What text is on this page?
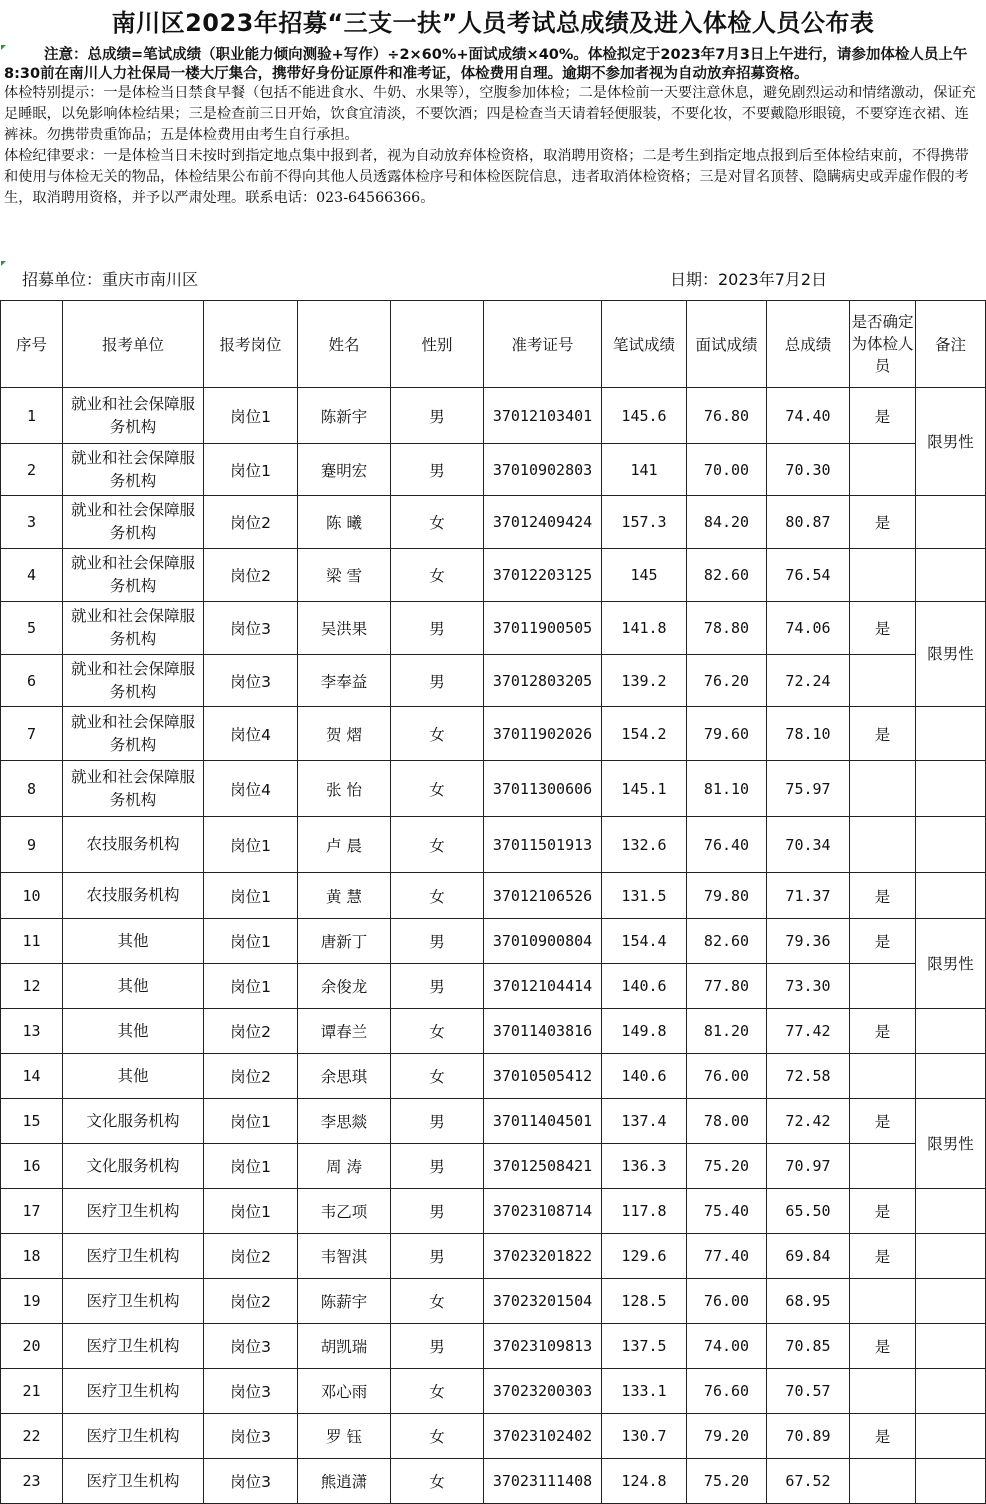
南川区2023年招募“三支一扶”人员考试总成绩及进入体检人员公布表

注意：总成绩=笔试成绩（职业能力倾向测验+写作）÷2×60%+面试成绩×40%。体检拟定于2023年7月3日上午进行，请参加体检人员上午8:30前在南川人力社保局一楼大厅集合，携带好身份证原件和准考证，体检费用自理。逾期不参加者视为自动放弃招募资格。

体检特别提示：一是体检当日禁食早餐（包括不能进食水、牛奶、水果等），空腹参加体检；二是体检前一天要注意休息，避免剧烈运动和情绪激动，保证充足睡眠，以免影响体检结果；三是检查前三日开始，饮食宜清淡，不要饮酒；四是检查当天请着轻便服装，不要化妆，不要戴隐形眼镜，不要穿连衣裙、连裤袜。勿携带贵重饰品；五是体检费用由考生自行承担。

体检纪律要求：一是体检当日未按时到指定地点集中报到者，视为自动放弃体检资格，取消聘用资格；二是考生到指定地点报到后至体检结束前，不得携带和使用与体检无关的物品，体检结果公布前不得向其他人员透露体检序号和体检医院信息，违者取消体检资格；三是对冒名顶替、隐瞒病史或弄虚作假的考生，取消聘用资格，并予以严肃处理。联系电话：023-64566366。

招募单位：重庆市南川区	日期：2023年7月2日
序号	报考单位	报考岗位	姓名	性别	准考证号	笔试成绩	面试成绩	总成绩	是否确定为体检人员	备注
1	就业和社会保障服务机构	岗位1	陈新宇	男	37012103401	145.6	76.80	74.40	是	限男性
2	就业和社会保障服务机构	岗位1	蹇明宏	男	37010902803	141	70.00	70.30		
3	就业和社会保障服务机构	岗位2	陈 曦	女	37012409424	157.3	84.20	80.87	是	
4	就业和社会保障服务机构	岗位2	梁 雪	女	37012203125	145	82.60	76.54		
5	就业和社会保障服务机构	岗位3	吴洪果	男	37011900505	141.8	78.80	74.06	是	限男性
6	就业和社会保障服务机构	岗位3	李奉益	男	37012803205	139.2	76.20	72.24		
7	就业和社会保障服务机构	岗位4	贺 熠	女	37011902026	154.2	79.60	78.10	是	
8	就业和社会保障服务机构	岗位4	张 怡	女	37011300606	145.1	81.10	75.97		
9	农技服务机构	岗位1	卢 晨	女	37011501913	132.6	76.40	70.34		
10	农技服务机构	岗位1	黄 慧	女	37012106526	131.5	79.80	71.37	是	
11	其他	岗位1	唐新丁	男	37010900804	154.4	82.60	79.36	是	限男性
12	其他	岗位1	余俊龙	男	37012104414	140.6	77.80	73.30		
13	其他	岗位2	谭春兰	女	37011403816	149.8	81.20	77.42	是	
14	其他	岗位2	余思琪	女	37010505412	140.6	76.00	72.58		
15	文化服务机构	岗位1	李思燚	男	37011404501	137.4	78.00	72.42	是	限男性
16	文化服务机构	岗位1	周 涛	男	37012508421	136.3	75.20	70.97		
17	医疗卫生机构	岗位1	韦乙项	男	37023108714	117.8	75.40	65.50	是	
18	医疗卫生机构	岗位2	韦智淇	男	37023201822	129.6	77.40	69.84	是	
19	医疗卫生机构	岗位2	陈薪宇	女	37023201504	128.5	76.00	68.95		
20	医疗卫生机构	岗位3	胡凯瑞	男	37023109813	137.5	74.00	70.85	是	
21	医疗卫生机构	岗位3	邓心雨	女	37023200303	133.1	76.60	70.57		
22	医疗卫生机构	岗位3	罗 钰	女	37023102402	130.7	79.20	70.89	是	
23	医疗卫生机构	岗位3	熊逍潇	女	37023111408	124.8	75.20	67.52		
